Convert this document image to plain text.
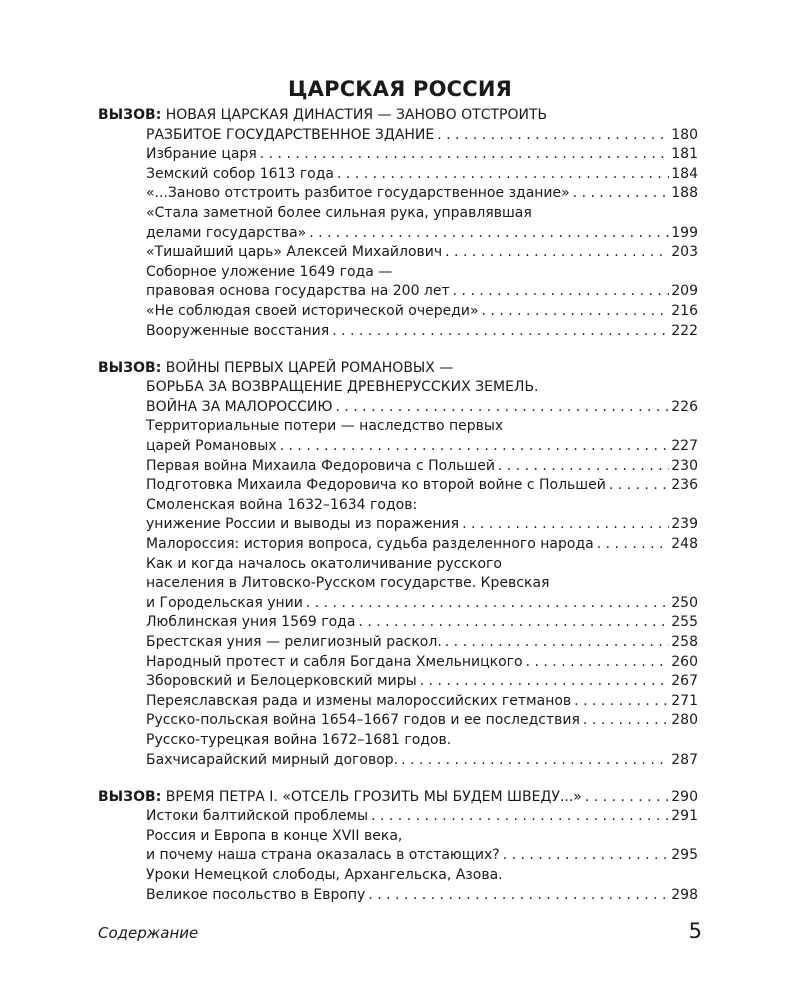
ЦАРСКАЯ РОССИЯ
ВЫЗОВ: НОВАЯ ЦАРСКАЯ ДИНАСТИЯ — ЗАНОВО ОТСТРОИТЬ
РАЗБИТОЕ ГОСУДАРСТВЕННОЕ ЗДАНИЕ . . .	180
Избрание царя . . .	181
Земский собор 1613 года . . .	184
«...Заново отстроить разбитое государственное здание» . . .	188
«Стала заметной более сильная рука, управлявшая
делами государства» . . .	199
«Тишайший царь» Алексей Михайлович . . .	203
Соборное уложение 1649 года —
правовая основа государства на 200 лет . . .	209
«Не соблюдая своей исторической очереди» . . .	216
Вооруженные восстания . . .	222
ВЫЗОВ: ВОЙНЫ ПЕРВЫХ ЦАРЕЙ РОМАНОВЫХ —
БОРЬБА ЗА ВОЗВРАЩЕНИЕ ДРЕВНЕРУССКИХ ЗЕМЕЛЬ.
ВОЙНА ЗА МАЛОРОССИЮ . . .	226
Территориальные потери — наследство первых
царей Романовых . . .	227
Первая война Михаила Федоровича с Польшей . . .	230
Подготовка Михаила Федоровича ко второй войне с Польшей . . .	236
Смоленская война 1632–1634 годов:
унижение России и выводы из поражения . . .	239
Малороссия: история вопроса, судьба разделенного народа . . .	248
Как и когда началось окатоличивание русского
населения в Литовско-Русском государстве. Кревская
и Городельская унии . . .	250
Люблинская уния 1569 года . . .	255
Брестская уния — религиозный раскол. . . .	258
Народный протест и сабля Богдана Хмельницкого . . .	260
Зборовский и Белоцерковский миры . . .	267
Переяславская рада и измены малороссийских гетманов . . .	271
Русско-польская война 1654–1667 годов и ее последствия . . .	280
Русско-турецкая война 1672–1681 годов.
Бахчисарайский мирный договор. . . .	287
ВЫЗОВ: ВРЕМЯ ПЕТРА I. «ОТСЕЛЬ ГРОЗИТЬ МЫ БУДЕМ ШВЕДУ...» . . .	290
Истоки балтийской проблемы . . .	291
Россия и Европа в конце XVII века,
и почему наша страна оказалась в отстающих? . . .	295
Уроки Немецкой слободы, Архангельска, Азова.
Великое посольство в Европу . . .	298
Содержание	5
